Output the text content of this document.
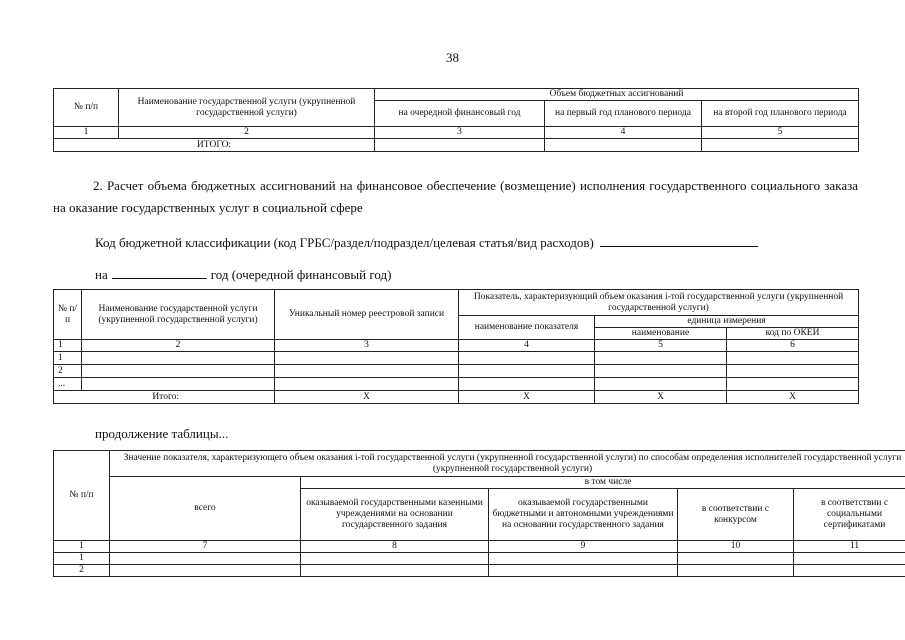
38
№ п/п	Наименование государственной услуги (укрупненной государственной услуги)	Объем бюджетных ассигнований		
		на очередной финансовый год	на первый год планового периода	на второй год планового периода
1	2	3	4	5
ИТОГО:				
2. Расчет объема бюджетных ассигнований на финансовое обеспечение (возмещение) исполнения государственного социального заказа на оказание государственных услуг в социальной сфере
Код бюджетной классификации (код ГРБС/раздел/подраздел/целевая статья/вид расходов)
на	год (очередной финансовый год)
№ п/п	Наименование государственной услуги (укрупненной государственной услуги)	Уникальный номер реестровой записи	Показатель, характеризующий объем оказания i-той государственной услуги (укрупненной государственной услуги)		
			наименование показателя	единица измерения	
				наименование	код по ОКЕИ
1	2	3	4	5	6
1					
2					
...					
Итого:		X	X	X	X
продолжение таблицы...
№ п/п	Значение показателя, характеризующего объем оказания i-той государственной услуги (укрупненной государственной услуги) по способам определения исполнителей государственной услуги (укрупненной государственной услуги)				
	всего	в том числе			
		оказываемой государственными казенными учреждениями на основании государственного задания	оказываемой государственными бюджетными и автономными учреждениями на основании государственного задания	в соответствии с конкурсом	в соответствии с социальными сертификатами
1	7	8	9	10	11
1					
2					
